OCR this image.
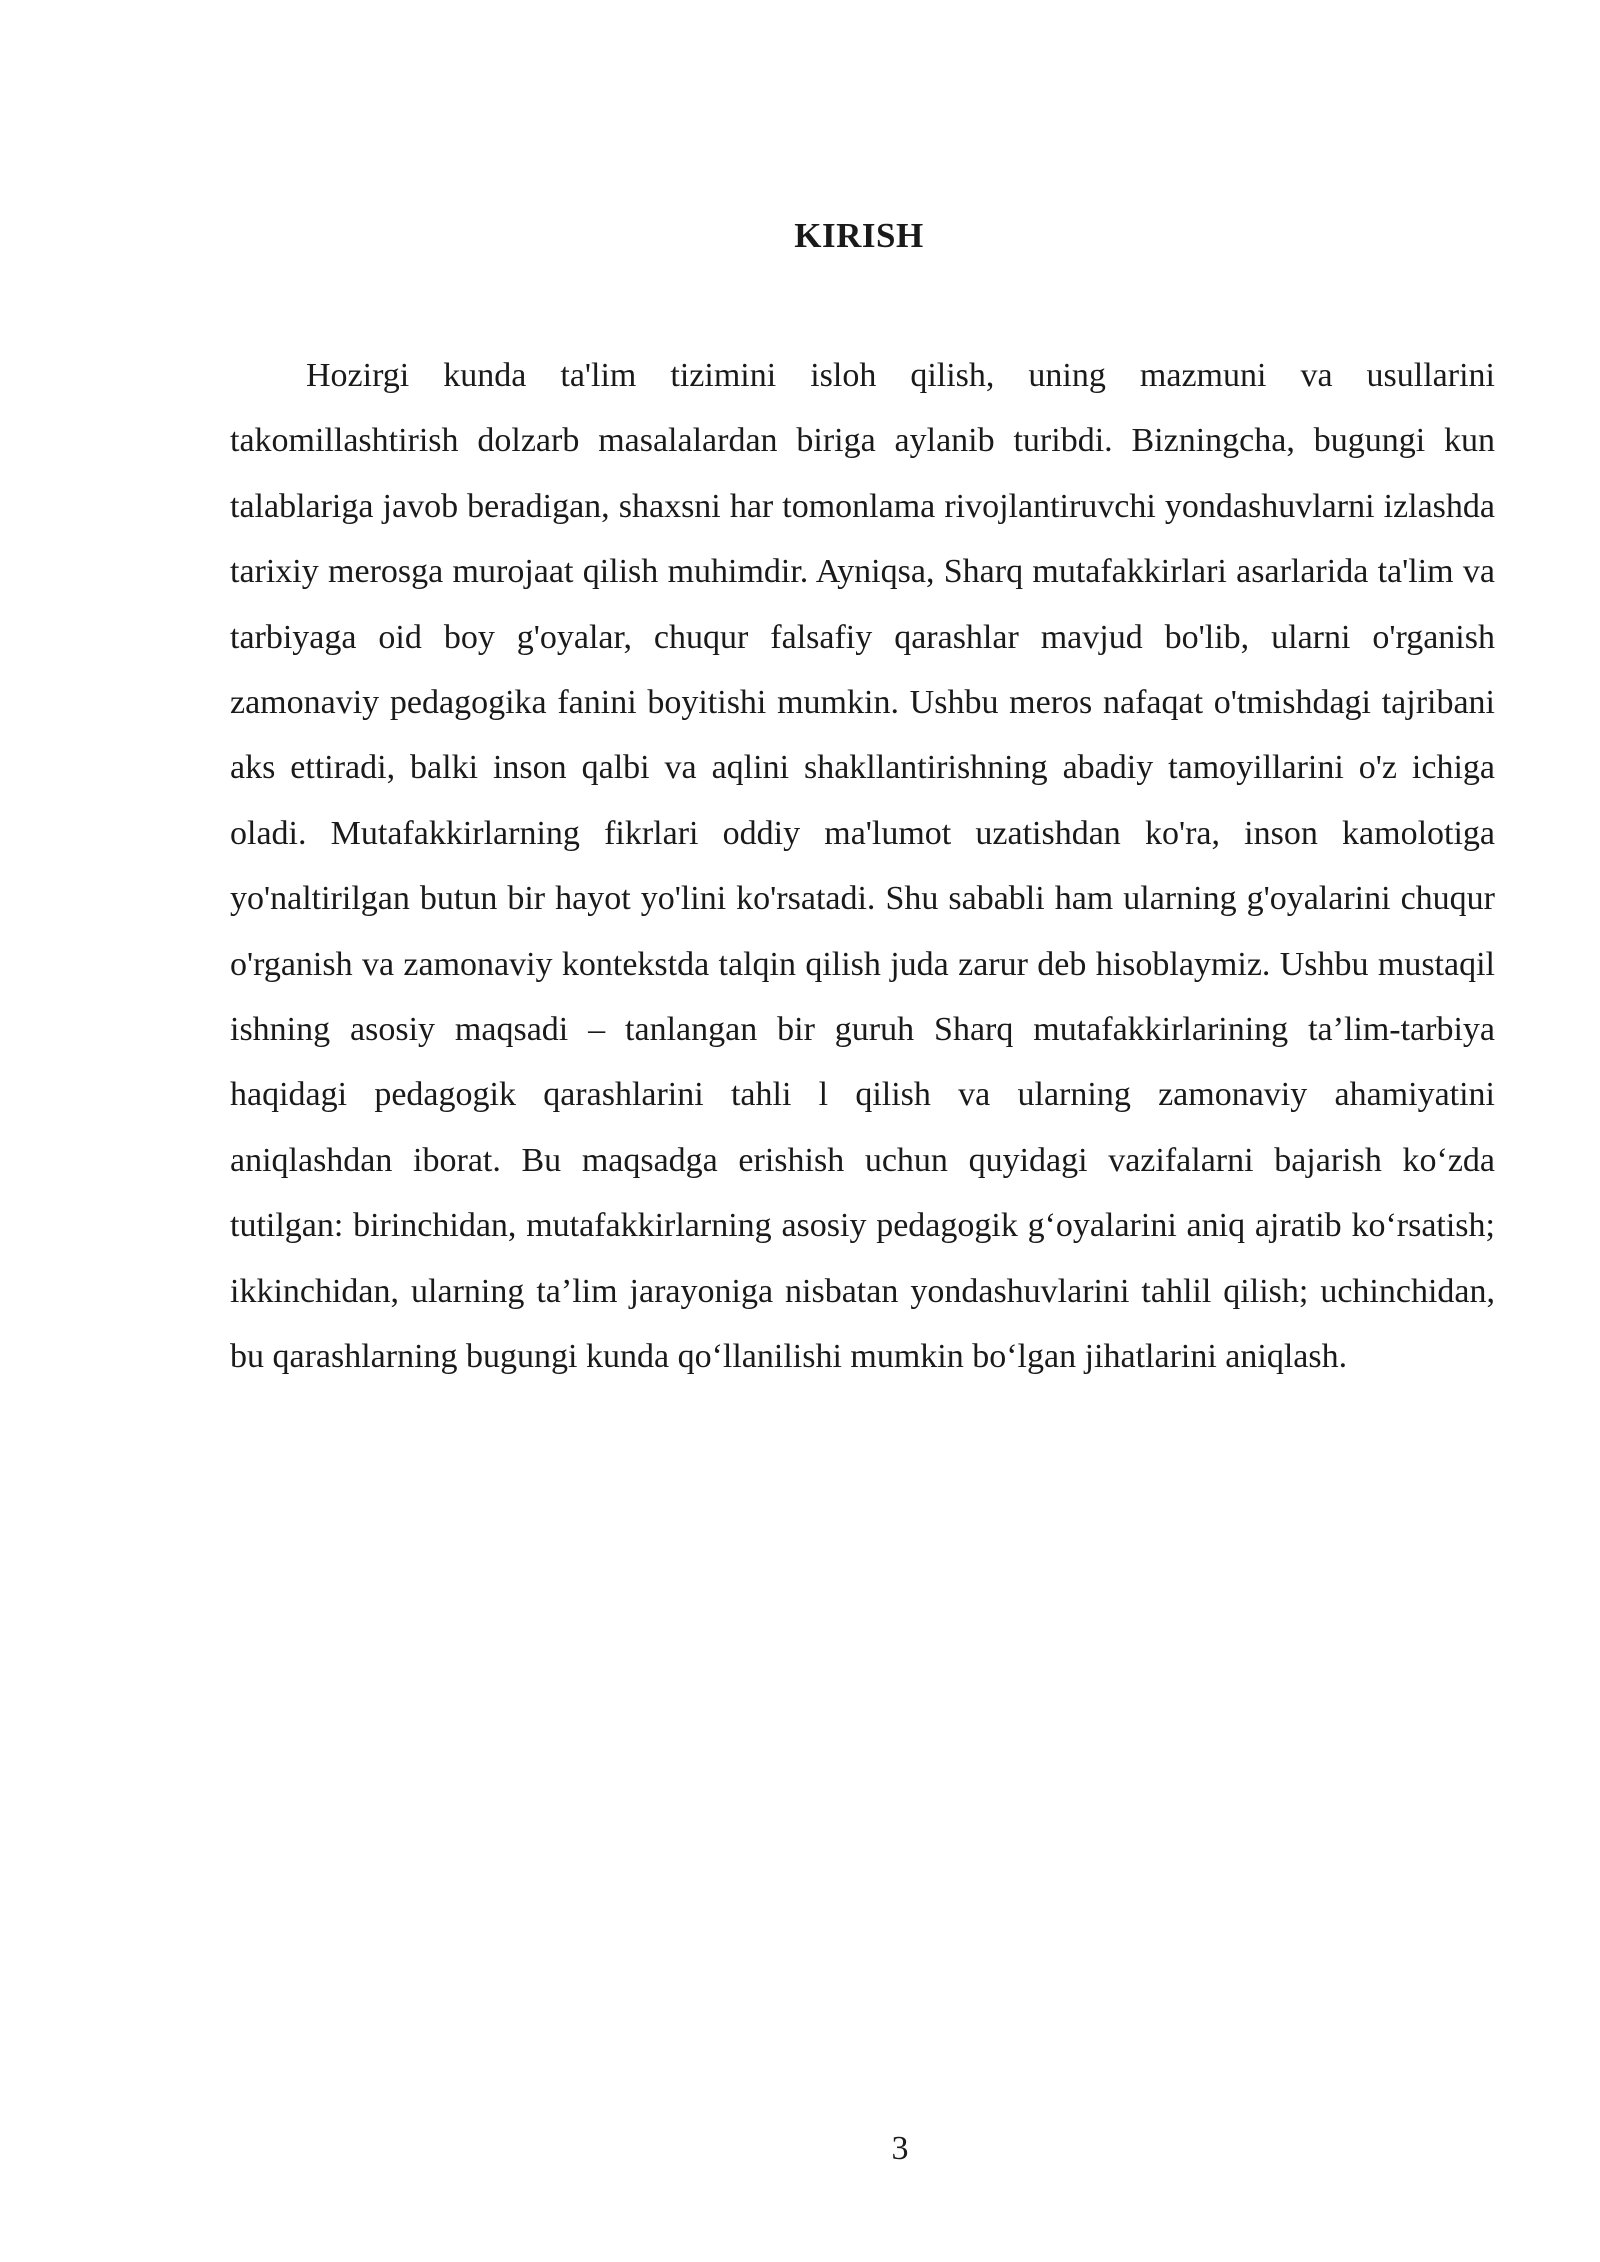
KIRISH

Hozirgi kunda ta'lim tizimini isloh qilish, uning mazmuni va usullarini takomillashtirish dolzarb masalalardan biriga aylanib turibdi. Bizningcha, bugungi kun talablariga javob beradigan, shaxsni har tomonlama rivojlantiruvchi yondashuvlarni izlashda tarixiy merosga murojaat qilish muhimdir. Ayniqsa, Sharq mutafakkirlari asarlarida ta'lim va tarbiyaga oid boy g'oyalar, chuqur falsafiy qarashlar mavjud bo'lib, ularni o'rganish zamonaviy pedagogika fanini boyitishi mumkin. Ushbu meros nafaqat o'tmishdagi tajribani aks ettiradi, balki inson qalbi va aqlini shakllantirishning abadiy tamoyillarini o'z ichiga oladi. Mutafakkirlarning fikrlari oddiy ma'lumot uzatishdan ko'ra, inson kamolotiga yo'naltirilgan butun bir hayot yo'lini ko'rsatadi. Shu sababli ham ularning g'oyalarini chuqur o'rganish va zamonaviy kontekstda talqin qilish juda zarur deb hisoblaymiz. Ushbu mustaqil ishning asosiy maqsadi – tanlangan bir guruh Sharq mutafakkirlarining ta’lim-tarbiya haqidagi pedagogik qarashlarini tahli l qilish va ularning zamonaviy ahamiyatini aniqlashdan iborat. Bu maqsadga erishish uchun quyidagi vazifalarni bajarish ko‘zda tutilgan: birinchidan, mutafakkirlarning asosiy pedagogik g‘oyalarini aniq ajratib ko‘rsatish; ikkinchidan, ularning ta’lim jarayoniga nisbatan yondashuvlarini tahlil qilish; uchinchidan, bu qarashlarning bugungi kunda qo‘llanilishi mumkin bo‘lgan jihatlarini aniqlash.

3
